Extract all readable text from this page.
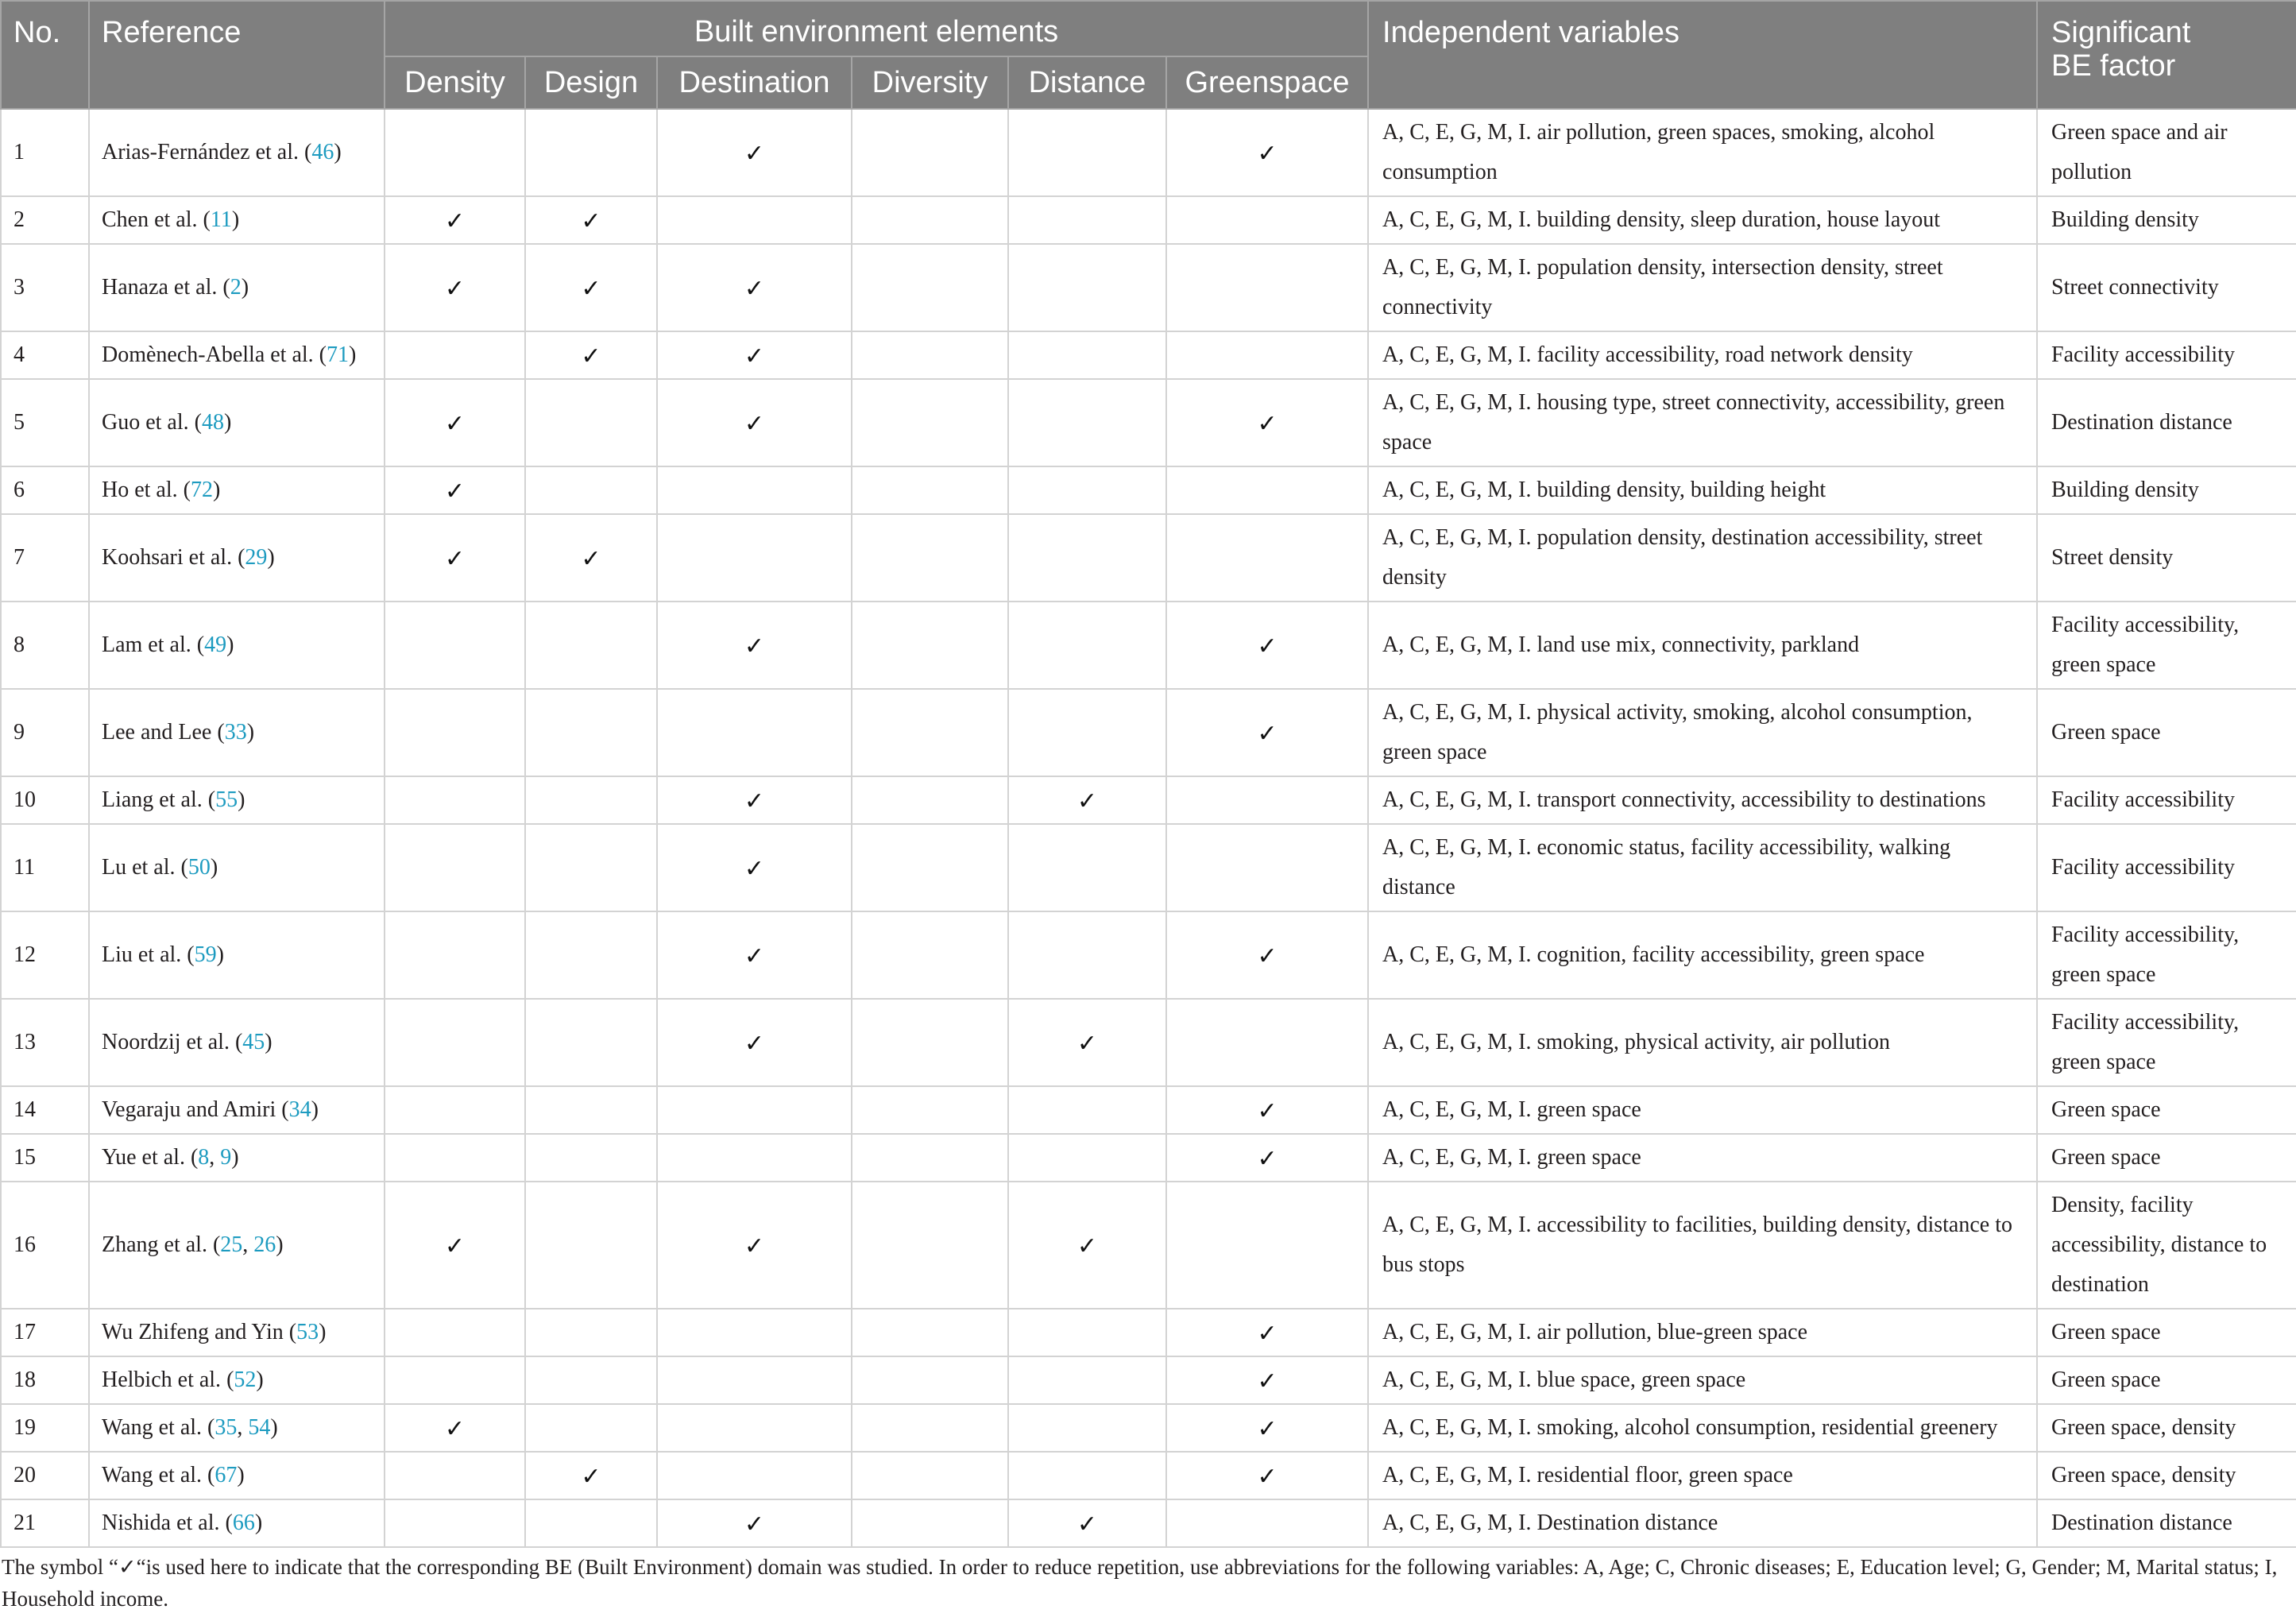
No.	Reference	Built environment elements						Independent variables	Significant BE factor

		Density	Design	Destination	Diversity	Distance	Greenspace		
1	Arias-Fernández et al. (46)			✓			✓	A, C, E, G, M, I. air pollution, green spaces, smoking, alcohol consumption	Green space and air pollution
2	Chen et al. (11)	✓	✓					A, C, E, G, M, I. building density, sleep duration, house layout	Building density
3	Hanaza et al. (2)	✓	✓	✓				A, C, E, G, M, I. population density, intersection density, street connectivity	Street connectivity
4	Domènech-Abella et al. (71)		✓	✓				A, C, E, G, M, I. facility accessibility, road network density	Facility accessibility
5	Guo et al. (48)	✓		✓			✓	A, C, E, G, M, I. housing type, street connectivity, accessibility, green space	Destination distance
6	Ho et al. (72)	✓						A, C, E, G, M, I. building density, building height	Building density
7	Koohsari et al. (29)	✓	✓					A, C, E, G, M, I. population density, destination accessibility, street density	Street density
8	Lam et al. (49)			✓			✓	A, C, E, G, M, I. land use mix, connectivity, parkland	Facility accessibility, green space
9	Lee and Lee (33)						✓	A, C, E, G, M, I. physical activity, smoking, alcohol consumption, green space	Green space
10	Liang et al. (55)			✓		✓		A, C, E, G, M, I. transport connectivity, accessibility to destinations	Facility accessibility
11	Lu et al. (50)			✓				A, C, E, G, M, I. economic status, facility accessibility, walking distance	Facility accessibility
12	Liu et al. (59)			✓			✓	A, C, E, G, M, I. cognition, facility accessibility, green space	Facility accessibility, green space
13	Noordzij et al. (45)			✓		✓		A, C, E, G, M, I. smoking, physical activity, air pollution	Facility accessibility, green space
14	Vegaraju and Amiri (34)						✓	A, C, E, G, M, I. green space	Green space
15	Yue et al. (8, 9)						✓	A, C, E, G, M, I. green space	Green space
16	Zhang et al. (25, 26)	✓		✓		✓		A, C, E, G, M, I. accessibility to facilities, building density, distance to bus stops	Density, facility accessibility, distance to destination
17	Wu Zhifeng and Yin (53)						✓	A, C, E, G, M, I. air pollution, blue-green space	Green space
18	Helbich et al. (52)						✓	A, C, E, G, M, I. blue space, green space	Green space
19	Wang et al. (35, 54)	✓					✓	A, C, E, G, M, I. smoking, alcohol consumption, residential greenery	Green space, density
20	Wang et al. (67)		✓				✓	A, C, E, G, M, I. residential floor, green space	Green space, density
21	Nishida et al. (66)			✓		✓		A, C, E, G, M, I. Destination distance	Destination distance

The symbol “✓“is used here to indicate that the corresponding BE (Built Environment) domain was studied. In order to reduce repetition, use abbreviations for the following variables: A, Age; C, Chronic diseases; E, Education level; G, Gender; M, Marital status; I, Household income.
